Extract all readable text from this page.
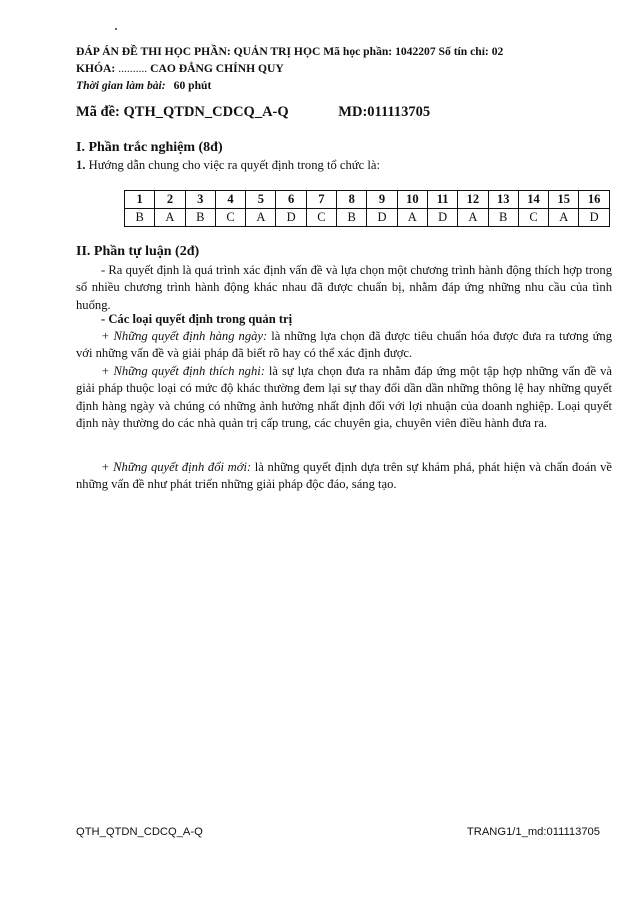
ĐÁP ÁN ĐỀ THI HỌC PHẦN: QUẢN TRỊ HỌC Mã học phần: 1042207 Số tín chỉ: 02
KHÓA: .......... CAO ĐẲNG CHÍNH QUY
Thời gian làm bài: 60 phút
Mã đề: QTH_QTDN_CDCQ_A-Q	MD:011113705
I. Phần trắc nghiệm (8đ)
1. Hướng dẫn chung cho việc ra quyết định trong tổ chức là:
1	2	3	4	5	6	7	8	9	10	11	12	13	14	15	16
B	A	B	C	A	D	C	B	D	A	D	A	B	C	A	D
II. Phần tự luận (2đ)
- Ra quyết định là quá trình xác định vấn đề và lựa chọn một chương trình hành động thích hợp trong số nhiều chương trình hành động khác nhau đã được chuẩn bị, nhằm đáp ứng những nhu cầu của tình huống.
- Các loại quyết định trong quản trị
+ Những quyết định hàng ngày: là những lựa chọn đã được tiêu chuẩn hóa được đưa ra tương ứng với những vấn đề và giải pháp đã biết rõ hay có thể xác định được.
+ Những quyết định thích nghi: là sự lựa chọn đưa ra nhằm đáp ứng một tập hợp những vấn đề và giải pháp thuộc loại có mức độ khác thường đem lại sự thay đổi dần dần những thông lệ hay những quyết định hàng ngày và chúng có những ảnh hưởng nhất định đối với lợi nhuận của doanh nghiệp. Loại quyết định này thường do các nhà quản trị cấp trung, các chuyên gia, chuyên viên điều hành đưa ra.
+ Những quyết định đổi mới: là những quyết định dựa trên sự khám phá, phát hiện và chẩn đoán về những vấn đề như phát triển những giải pháp độc đáo, sáng tạo.
QTH_QTDN_CDCQ_A-Q	TRANG1/1_md:011113705
